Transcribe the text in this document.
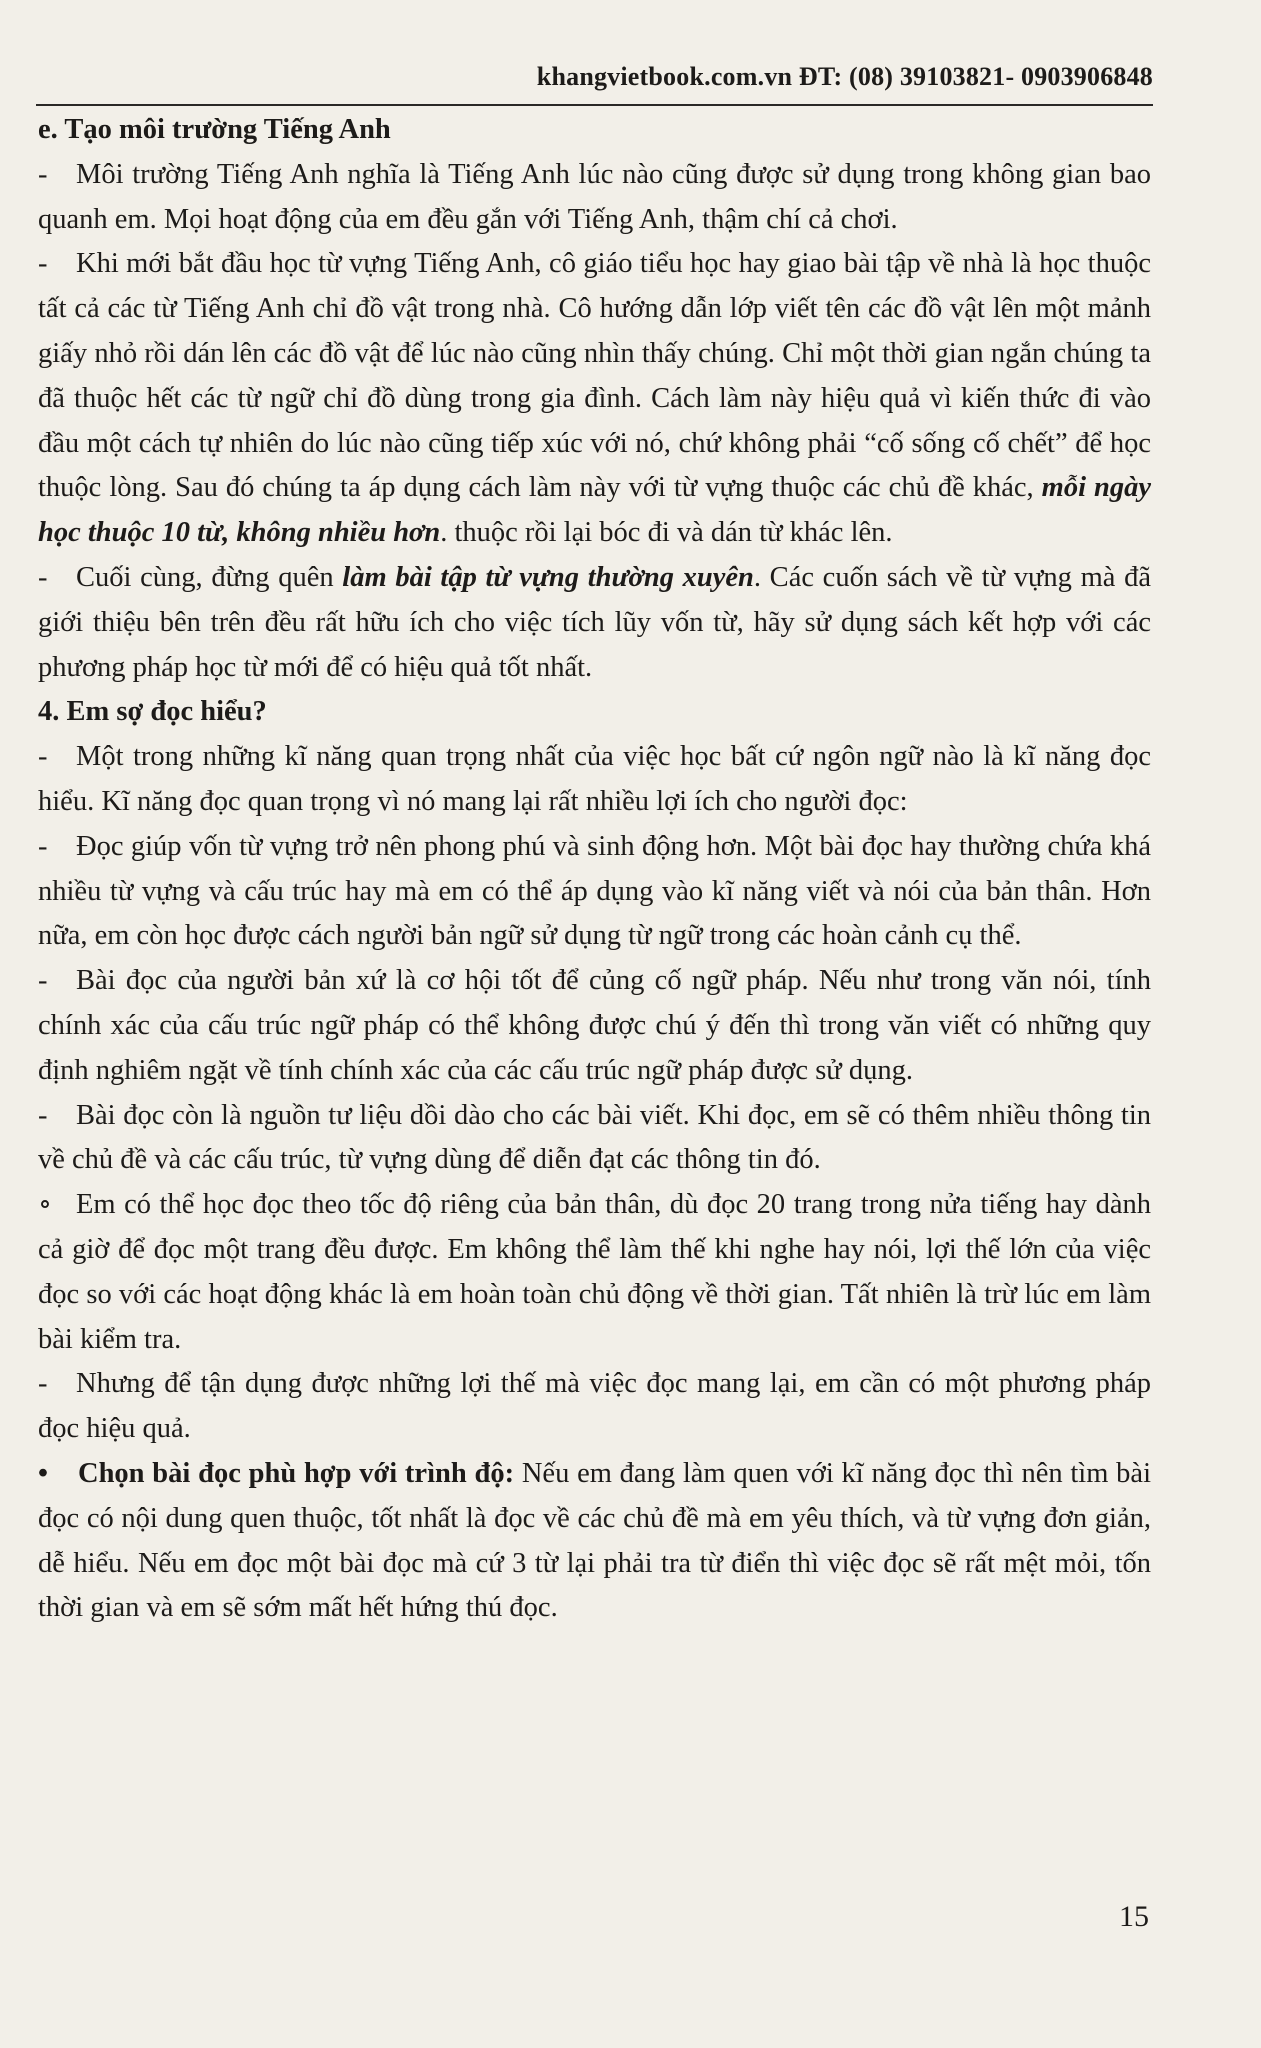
khangvietbook.com.vn ĐT: (08) 39103821- 0903906848

e. Tạo môi trường Tiếng Anh

- Môi trường Tiếng Anh nghĩa là Tiếng Anh lúc nào cũng được sử dụng trong không gian bao quanh em. Mọi hoạt động của em đều gắn với Tiếng Anh, thậm chí cả chơi.

- Khi mới bắt đầu học từ vựng Tiếng Anh, cô giáo tiểu học hay giao bài tập về nhà là học thuộc tất cả các từ Tiếng Anh chỉ đồ vật trong nhà. Cô hướng dẫn lớp viết tên các đồ vật lên một mảnh giấy nhỏ rồi dán lên các đồ vật để lúc nào cũng nhìn thấy chúng. Chỉ một thời gian ngắn chúng ta đã thuộc hết các từ ngữ chỉ đồ dùng trong gia đình. Cách làm này hiệu quả vì kiến thức đi vào đầu một cách tự nhiên do lúc nào cũng tiếp xúc với nó, chứ không phải “cố sống cố chết” để học thuộc lòng. Sau đó chúng ta áp dụng cách làm này với từ vựng thuộc các chủ đề khác, mỗi ngày học thuộc 10 từ, không nhiều hơn. thuộc rồi lại bóc đi và dán từ khác lên.

- Cuối cùng, đừng quên làm bài tập từ vựng thường xuyên. Các cuốn sách về từ vựng mà đã giới thiệu bên trên đều rất hữu ích cho việc tích lũy vốn từ, hãy sử dụng sách kết hợp với các phương pháp học từ mới để có hiệu quả tốt nhất.

4. Em sợ đọc hiểu?

- Một trong những kĩ năng quan trọng nhất của việc học bất cứ ngôn ngữ nào là kĩ năng đọc hiểu. Kĩ năng đọc quan trọng vì nó mang lại rất nhiều lợi ích cho người đọc:

- Đọc giúp vốn từ vựng trở nên phong phú và sinh động hơn. Một bài đọc hay thường chứa khá nhiều từ vựng và cấu trúc hay mà em có thể áp dụng vào kĩ năng viết và nói của bản thân. Hơn nữa, em còn học được cách người bản ngữ sử dụng từ ngữ trong các hoàn cảnh cụ thể.

- Bài đọc của người bản xứ là cơ hội tốt để củng cố ngữ pháp. Nếu như trong văn nói, tính chính xác của cấu trúc ngữ pháp có thể không được chú ý đến thì trong văn viết có những quy định nghiêm ngặt về tính chính xác của các cấu trúc ngữ pháp được sử dụng.

- Bài đọc còn là nguồn tư liệu dồi dào cho các bài viết. Khi đọc, em sẽ có thêm nhiều thông tin về chủ đề và các cấu trúc, từ vựng dùng để diễn đạt các thông tin đó.

∘ Em có thể học đọc theo tốc độ riêng của bản thân, dù đọc 20 trang trong nửa tiếng hay dành cả giờ để đọc một trang đều được. Em không thể làm thế khi nghe hay nói, lợi thế lớn của việc đọc so với các hoạt động khác là em hoàn toàn chủ động về thời gian. Tất nhiên là trừ lúc em làm bài kiểm tra.

- Nhưng để tận dụng được những lợi thế mà việc đọc mang lại, em cần có một phương pháp đọc hiệu quả.

• Chọn bài đọc phù hợp với trình độ: Nếu em đang làm quen với kĩ năng đọc thì nên tìm bài đọc có nội dung quen thuộc, tốt nhất là đọc về các chủ đề mà em yêu thích, và từ vựng đơn giản, dễ hiểu. Nếu em đọc một bài đọc mà cứ 3 từ lại phải tra từ điển thì việc đọc sẽ rất mệt mỏi, tốn thời gian và em sẽ sớm mất hết hứng thú đọc.

15
